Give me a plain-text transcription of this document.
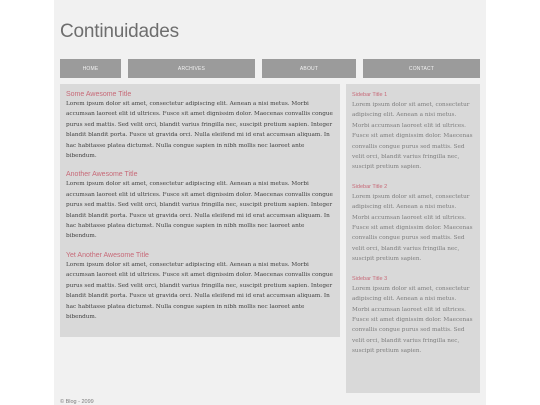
Continuidades
HOME	ARCHIVES	ABOUT	CONTACT
Some Awesome Title
Lorem ipsum dolor sit amet, consectetur adipiscing elit. Aenean a nisi metus. Morbi accumsan laoreet elit id ultrices. Fusce sit amet dignissim dolor. Maecenas convallis congue purus sed mattis. Sed velit orci, blandit varius fringilla nec, suscipit pretium sapien. Integer blandit blandit porta. Fusce ut gravida orci. Nulla eleifend mi id erat accumsan aliquam. In hac habitasse platea dictumst. Nulla congue sapien in nibh mollis nec laoreet ante bibendum.
Another Awesome Title
Lorem ipsum dolor sit amet, consectetur adipiscing elit. Aenean a nisi metus. Morbi accumsan laoreet elit id ultrices. Fusce sit amet dignissim dolor. Maecenas convallis congue purus sed mattis. Sed velit orci, blandit varius fringilla nec, suscipit pretium sapien. Integer blandit blandit porta. Fusce ut gravida orci. Nulla eleifend mi id erat accumsan aliquam. In hac habitasse platea dictumst. Nulla congue sapien in nibh mollis nec laoreet ante bibendum.
Yet Another Awesome Title
Lorem ipsum dolor sit amet, consectetur adipiscing elit. Aenean a nisi metus. Morbi accumsan laoreet elit id ultrices. Fusce sit amet dignissim dolor. Maecenas convallis congue purus sed mattis. Sed velit orci, blandit varius fringilla nec, suscipit pretium sapien. Integer blandit blandit porta. Fusce ut gravida orci. Nulla eleifend mi id erat accumsan aliquam. In hac habitasse platea dictumst. Nulla congue sapien in nibh mollis nec laoreet ante bibendum.
Sidebar Title 1
Lorem ipsum dolor sit amet, consectetur adipiscing elit. Aenean a nisi metus. Morbi accumsan laoreet elit id ultrices. Fusce sit amet dignissim dolor. Maecenas convallis congue purus sed mattis. Sed velit orci, blandit varius fringilla nec, suscipit pretium sapien.
Sidebar Title 2
Lorem ipsum dolor sit amet, consectetur adipiscing elit. Aenean a nisi metus. Morbi accumsan laoreet elit id ultrices. Fusce sit amet dignissim dolor. Maecenas convallis congue purus sed mattis. Sed velit orci, blandit varius fringilla nec, suscipit pretium sapien.
Sidebar Title 3
Lorem ipsum dolor sit amet, consectetur adipiscing elit. Aenean a nisi metus. Morbi accumsan laoreet elit id ultrices. Fusce sit amet dignissim dolor. Maecenas convallis congue purus sed mattis. Sed velit orci, blandit varius fringilla nec, suscipit pretium sapien.
© Blog - 2099
